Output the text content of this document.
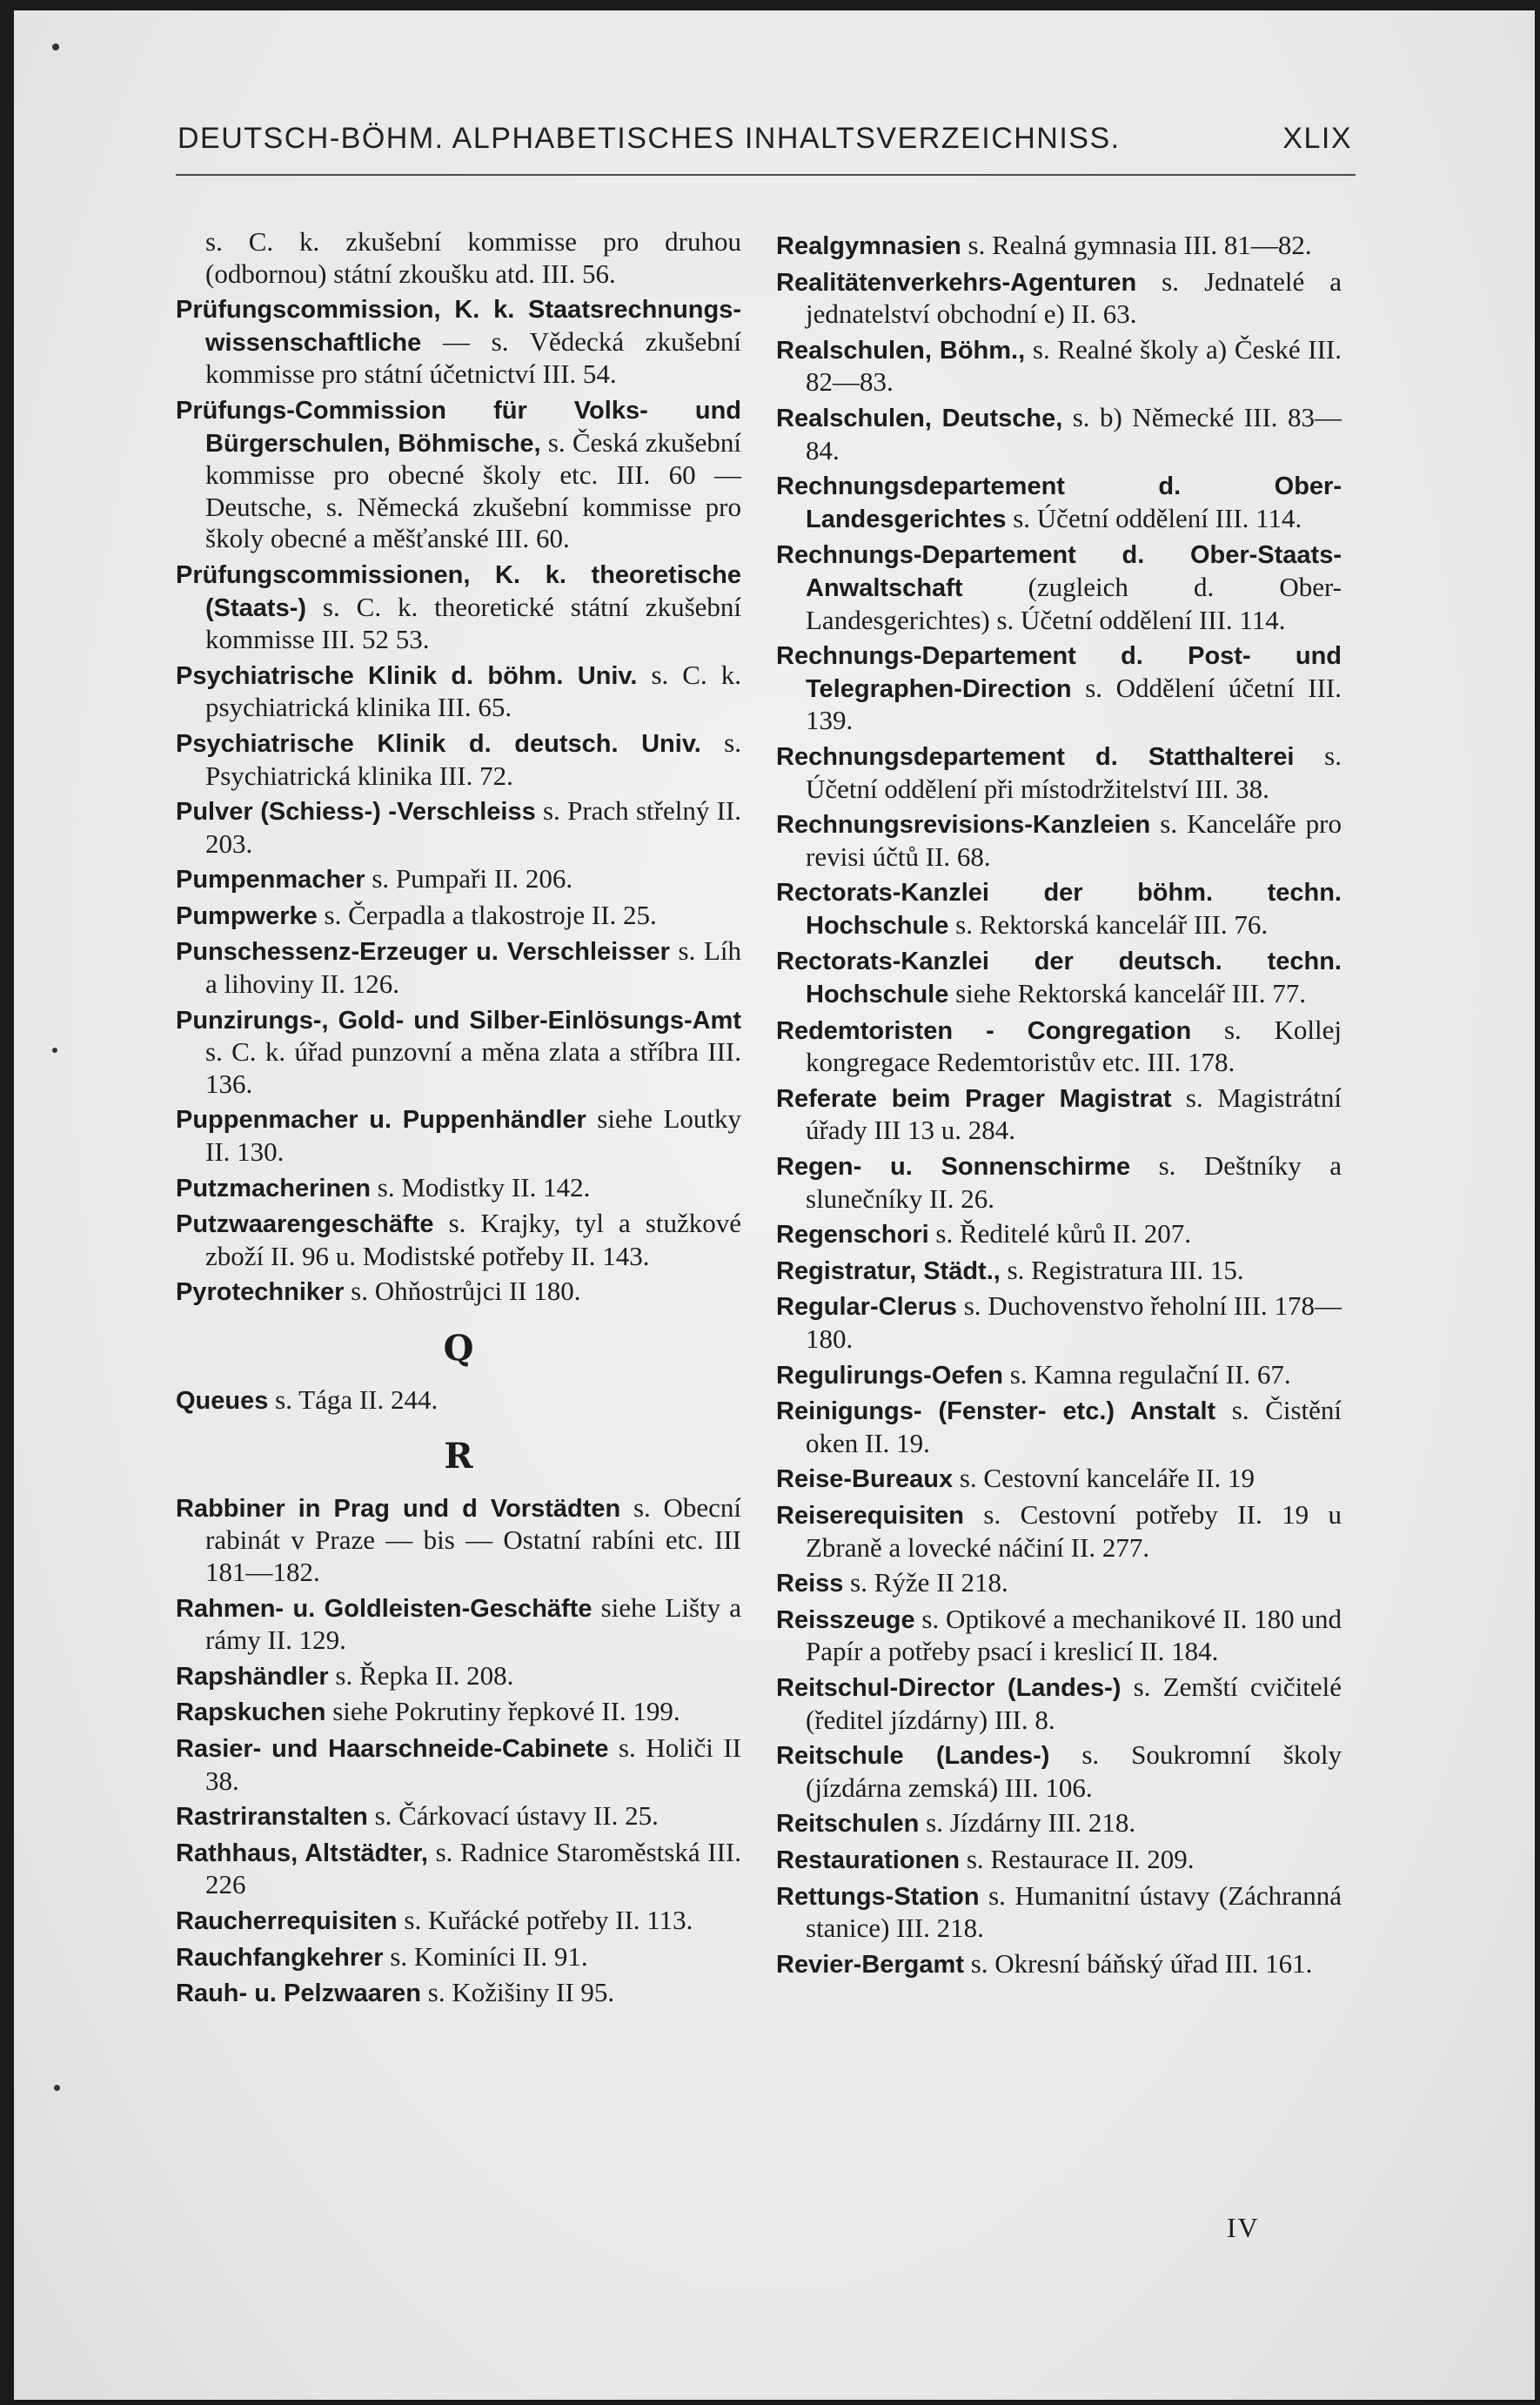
DEUTSCH-BÖHM. ALPHABETISCHES INHALTSVERZEICHNISS.	XLIX
s. C. k. zkušební kommisse pro druhou (odbornou) státní zkoušku atd. III. 56.
Prüfungscommission, K. k. Staatsrechnungs-wissenschaftliche — s. Vědecká zkušební kommisse pro státní účetnictví III. 54.
Prüfungs-Commission für Volks- und Bürgerschulen, Böhmische, s. Česká zkušební kommisse pro obecné školy etc. III. 60 — Deutsche, s. Německá zkušební kommisse pro školy obecné a měšťanské III. 60.
Prüfungscommissionen, K. k. theoretische (Staats-) s. C. k. theoretické státní zkušební kommisse III. 52 53.
Psychiatrische Klinik d. böhm. Univ. s. C. k. psychiatrická klinika III. 65.
Psychiatrische Klinik d. deutsch. Univ. s. Psychiatrická klinika III. 72.
Pulver (Schiess-) -Verschleiss s. Prach střelný II. 203.
Pumpenmacher s. Pumpaři II. 206.
Pumpwerke s. Čerpadla a tlakostroje II. 25.
Punschessenz-Erzeuger u. Verschleisser s. Líh a lihoviny II. 126.
Punzirungs-, Gold- und Silber-Einlösungs-Amt s. C. k. úřad punzovní a měna zlata a stříbra III. 136.
Puppenmacher u. Puppenhändler siehe Loutky II. 130.
Putzmacherinen s. Modistky II. 142.
Putzwaarengeschäfte s. Krajky, tyl a stužkové zboží II. 96 u. Modistské potřeby II. 143.
Pyrotechniker s. Ohňostrůjci II 180.
Q
Queues s. Tága II. 244.
R
Rabbiner in Prag und d Vorstädten s. Obecní rabinát v Praze — bis — Ostatní rabíni etc. III 181—182.
Rahmen- u. Goldleisten-Geschäfte siehe Lišty a rámy II. 129.
Rapshändler s. Řepka II. 208.
Rapskuchen siehe Pokrutiny řepkové II. 199.
Rasier- und Haarschneide-Cabinete s. Holiči II 38.
Rastriranstalten s. Čárkovací ústavy II. 25.
Rathhaus, Altstädter, s. Radnice Staroměstská III. 226
Raucherrequisiten s. Kuřácké potřeby II. 113.
Rauchfangkehrer s. Kominíci II. 91.
Rauh- u. Pelzwaaren s. Kožišiny II 95.
Realgymnasien s. Realná gymnasia III. 81—82.
Realitätenverkehrs-Agenturen s. Jednatelé a jednatelství obchodní e) II. 63.
Realschulen, Böhm., s. Realné školy a) České III. 82—83.
Realschulen, Deutsche, s. b) Německé III. 83—84.
Rechnungsdepartement d. Ober-Landesgerichtes s. Účetní oddělení III. 114.
Rechnungs-Departement d. Ober-Staats-Anwaltschaft (zugleich d. Ober-Landesgerichtes) s. Účetní oddělení III. 114.
Rechnungs-Departement d. Post- und Telegraphen-Direction s. Oddělení účetní III. 139.
Rechnungsdepartement d. Statthalterei s. Účetní oddělení při místodržitelství III. 38.
Rechnungsrevisions-Kanzleien s. Kanceláře pro revisi účtů II. 68.
Rectorats-Kanzlei der böhm. techn. Hochschule s. Rektorská kancelář III. 76.
Rectorats-Kanzlei der deutsch. techn. Hochschule siehe Rektorská kancelář III. 77.
Redemtoristen - Congregation s. Kollej kongregace Redemtoristův etc. III. 178.
Referate beim Prager Magistrat s. Magistrátní úřady III 13 u. 284.
Regen- u. Sonnenschirme s. Deštníky a slunečníky II. 26.
Regenschori s. Ředitelé kůrů II. 207.
Registratur, Städt., s. Registratura III. 15.
Regular-Clerus s. Duchovenstvo řeholní III. 178—180.
Regulirungs-Oefen s. Kamna regulační II. 67.
Reinigungs- (Fenster- etc.) Anstalt s. Čistění oken II. 19.
Reise-Bureaux s. Cestovní kanceláře II. 19
Reiserequisiten s. Cestovní potřeby II. 19 u Zbraně a lovecké náčiní II. 277.
Reiss s. Rýže II 218.
Reisszeuge s. Optikové a mechanikové II. 180 und Papír a potřeby psací i kreslicí II. 184.
Reitschul-Director (Landes-) s. Zemští cvičitelé (ředitel jízdárny) III. 8.
Reitschule (Landes-) s. Soukromní školy (jízdárna zemská) III. 106.
Reitschulen s. Jízdárny III. 218.
Restaurationen s. Restaurace II. 209.
Rettungs-Station s. Humanitní ústavy (Záchranná stanice) III. 218.
Revier-Bergamt s. Okresní báňský úřad III. 161.
IV
